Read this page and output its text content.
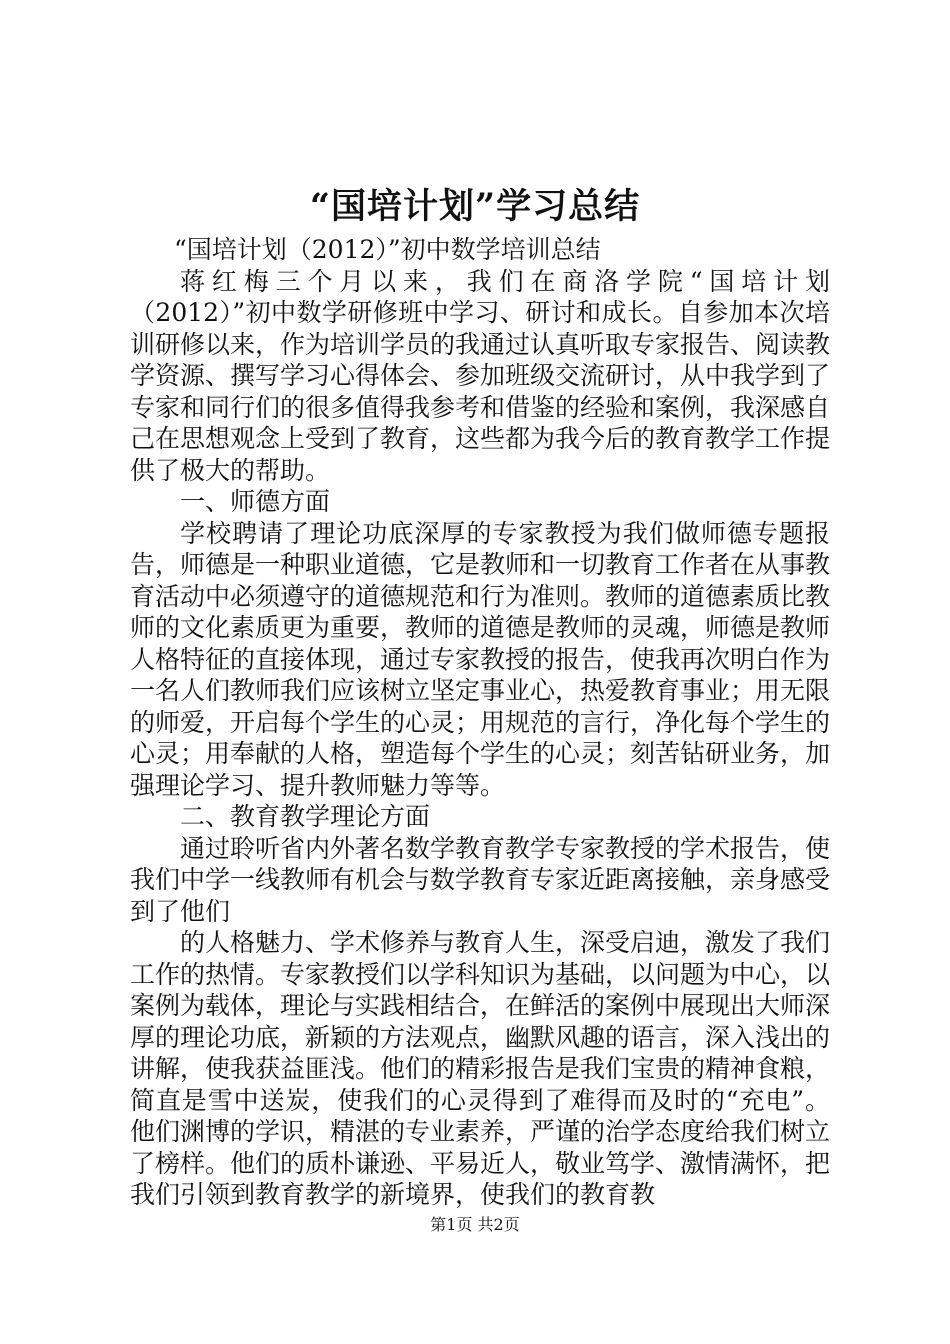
“国培计划”学习总结

“国培计划（2012）”初中数学培训总结

蒋红梅三个月以来，我们在商洛学院“国培计划（2012）”初中数学研修班中学习、研讨和成长。自参加本次培训研修以来，作为培训学员的我通过认真听取专家报告、阅读教学资源、撰写学习心得体会、参加班级交流研讨，从中我学到了专家和同行们的很多值得我参考和借鉴的经验和案例，我深感自己在思想观念上受到了教育，这些都为我今后的教育教学工作提供了极大的帮助。

一、师德方面

学校聘请了理论功底深厚的专家教授为我们做师德专题报告，师德是一种职业道德，它是教师和一切教育工作者在从事教育活动中必须遵守的道德规范和行为准则。教师的道德素质比教师的文化素质更为重要，教师的道德是教师的灵魂，师德是教师人格特征的直接体现，通过专家教授的报告，使我再次明白作为一名人们教师我们应该树立坚定事业心，热爱教育事业；用无限的师爱，开启每个学生的心灵；用规范的言行，净化每个学生的心灵；用奉献的人格，塑造每个学生的心灵；刻苦钻研业务，加强理论学习、提升教师魅力等等。

二、教育教学理论方面

通过聆听省内外著名数学教育教学专家教授的学术报告，使我们中学一线教师有机会与数学教育专家近距离接触，亲身感受到了他们

的人格魅力、学术修养与教育人生，深受启迪，激发了我们工作的热情。专家教授们以学科知识为基础，以问题为中心，以案例为载体，理论与实践相结合，在鲜活的案例中展现出大师深厚的理论功底，新颖的方法观点，幽默风趣的语言，深入浅出的讲解，使我获益匪浅。他们的精彩报告是我们宝贵的精神食粮，简直是雪中送炭，使我们的心灵得到了难得而及时的“充电”。他们渊博的学识，精湛的专业素养，严谨的治学态度给我们树立了榜样。他们的质朴谦逊、平易近人，敬业笃学、激情满怀，把我们引领到教育教学的新境界，使我们的教育教

第1页 共2页
